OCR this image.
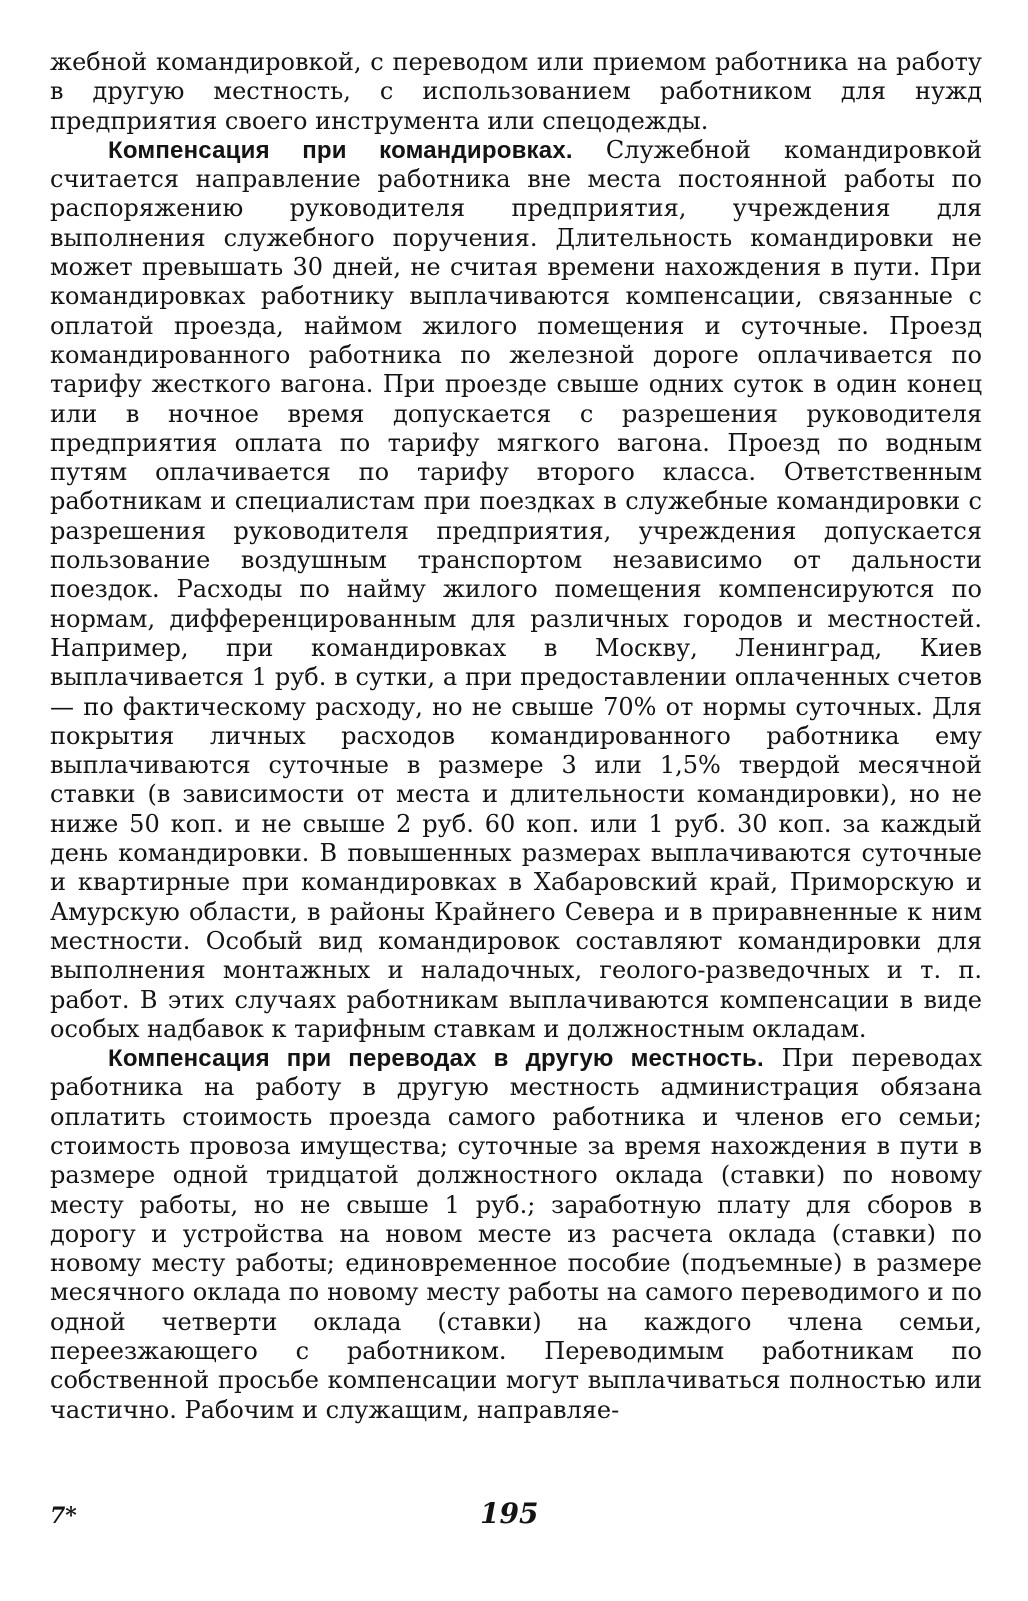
жебной командировкой, с переводом или приемом работника на работу в другую местность, с использованием работником для нужд предприятия своего инструмента или спецодежды.

Компенсация при командировках. Служебной командировкой считается направление работника вне места постоянной работы по распоряжению руководителя предприятия, учреждения для выполнения служебного поручения. Длительность командировки не может превышать 30 дней, не считая времени нахождения в пути. При командировках работнику выплачиваются компенсации, связанные с оплатой проезда, наймом жилого помещения и суточные. Проезд командированного работника по железной дороге оплачивается по тарифу жесткого вагона. При проезде свыше одних суток в один конец или в ночное время допускается с разрешения руководителя предприятия оплата по тарифу мягкого вагона. Проезд по водным путям оплачивается по тарифу второго класса. Ответственным работникам и специалистам при поездках в служебные командировки с разрешения руководителя предприятия, учреждения допускается пользование воздушным транспортом независимо от дальности поездок. Расходы по найму жилого помещения компенсируются по нормам, дифференцированным для различных городов и местностей. Например, при командировках в Москву, Ленинград, Киев выплачивается 1 руб. в сутки, а при предоставлении оплаченных счетов — по фактическому расходу, но не свыше 70% от нормы суточных. Для покрытия личных расходов командированного работника ему выплачиваются суточные в размере 3 или 1,5% твердой месячной ставки (в зависимости от места и длительности командировки), но не ниже 50 коп. и не свыше 2 руб. 60 коп. или 1 руб. 30 коп. за каждый день командировки. В повышенных размерах выплачиваются суточные и квартирные при командировках в Хабаровский край, Приморскую и Амурскую области, в районы Крайнего Севера и в приравненные к ним местности. Особый вид командировок составляют командировки для выполнения монтажных и наладочных, геолого-разведочных и т. п. работ. В этих случаях работникам выплачиваются компенсации в виде особых надбавок к тарифным ставкам и должностным окладам.

Компенсация при переводах в другую местность. При переводах работника на работу в другую местность администрация обязана оплатить стоимость проезда самого работника и членов его семьи; стоимость провоза имущества; суточные за время нахождения в пути в размере одной тридцатой должностного оклада (ставки) по новому месту работы, но не свыше 1 руб.; заработную плату для сборов в дорогу и устройства на новом месте из расчета оклада (ставки) по новому месту работы; единовременное пособие (подъемные) в размере месячного оклада по новому месту работы на самого переводимого и по одной четверти оклада (ставки) на каждого члена семьи, переезжающего с работником. Переводимым работникам по собственной просьбе компенсации могут выплачиваться полностью или частично. Рабочим и служащим, направляе-

7*	195
